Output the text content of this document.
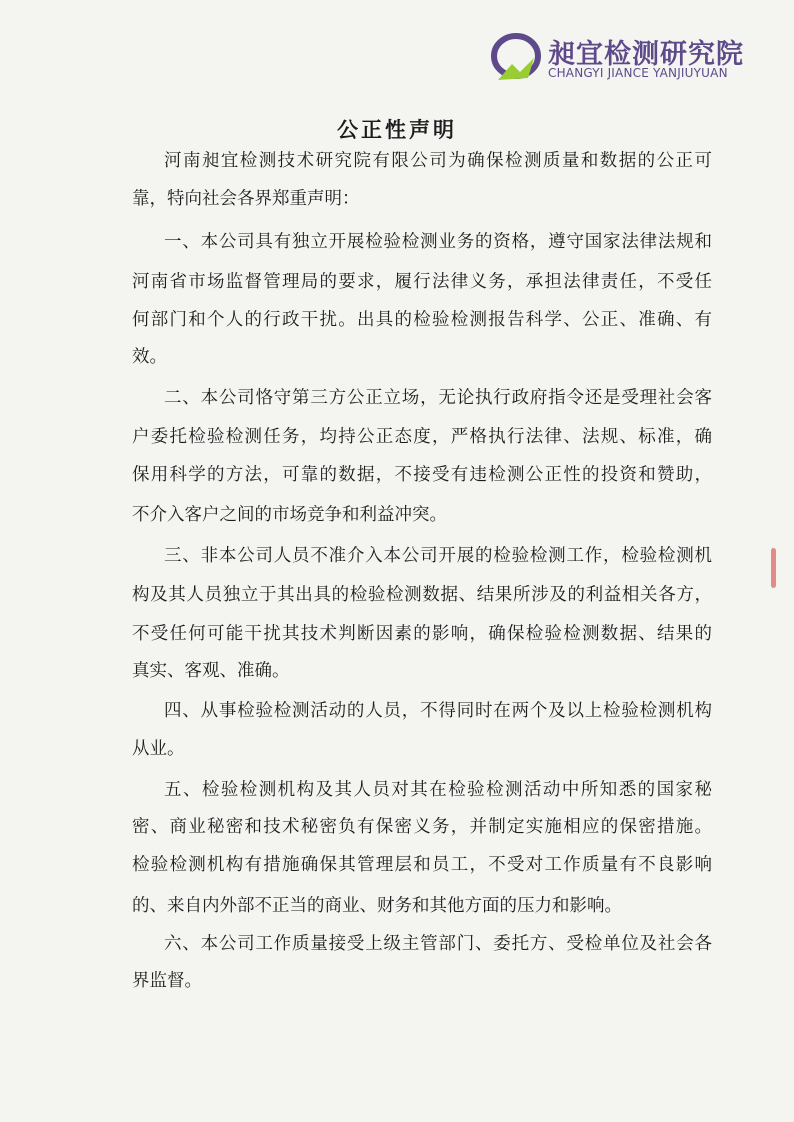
昶宜检测研究院
CHANGYI JIANCE YANJIUYUAN
公正性声明
河南昶宜检测技术研究院有限公司为确保检测质量和数据的公正可
靠，特向社会各界郑重声明：
一、本公司具有独立开展检验检测业务的资格，遵守国家法律法规和
河南省市场监督管理局的要求，履行法律义务，承担法律责任，不受任
何部门和个人的行政干扰。出具的检验检测报告科学、公正、准确、有
效。
二、本公司恪守第三方公正立场，无论执行政府指令还是受理社会客
户委托检验检测任务，均持公正态度，严格执行法律、法规、标准，确
保用科学的方法，可靠的数据，不接受有违检测公正性的投资和赞助，
不介入客户之间的市场竞争和利益冲突。
三、非本公司人员不准介入本公司开展的检验检测工作，检验检测机
构及其人员独立于其出具的检验检测数据、结果所涉及的利益相关各方，
不受任何可能干扰其技术判断因素的影响，确保检验检测数据、结果的
真实、客观、准确。
四、从事检验检测活动的人员，不得同时在两个及以上检验检测机构
从业。
五、检验检测机构及其人员对其在检验检测活动中所知悉的国家秘
密、商业秘密和技术秘密负有保密义务，并制定实施相应的保密措施。
检验检测机构有措施确保其管理层和员工，不受对工作质量有不良影响
的、来自内外部不正当的商业、财务和其他方面的压力和影响。
六、本公司工作质量接受上级主管部门、委托方、受检单位及社会各
界监督。
